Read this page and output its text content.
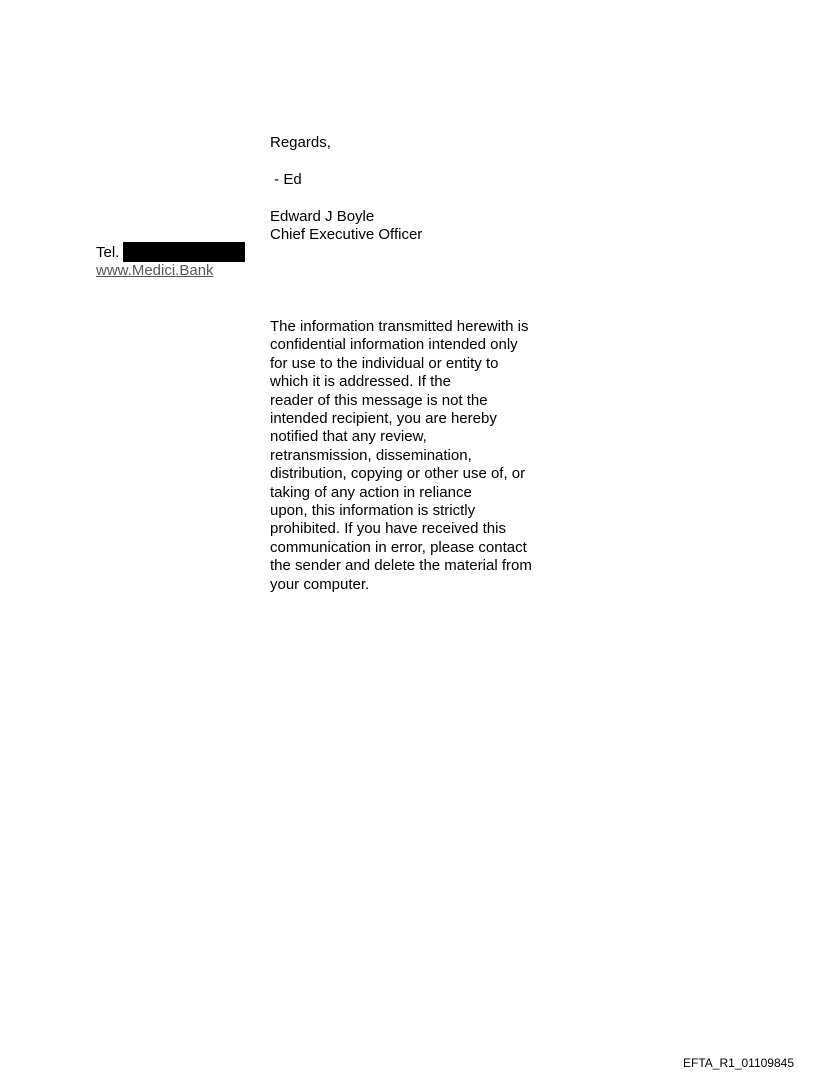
Regards,
- Ed
Edward J Boyle
Chief Executive Officer
Tel.
www.Medici.Bank
The information transmitted herewith is
confidential information intended only
for use to the individual or entity to
which it is addressed. If the
reader of this message is not the
intended recipient, you are hereby
notified that any review,
retransmission, dissemination,
distribution, copying or other use of, or
taking of any action in reliance
upon, this information is strictly
prohibited. If you have received this
communication in error, please contact
the sender and delete the material from
your computer.
EFTA_R1_01109845
